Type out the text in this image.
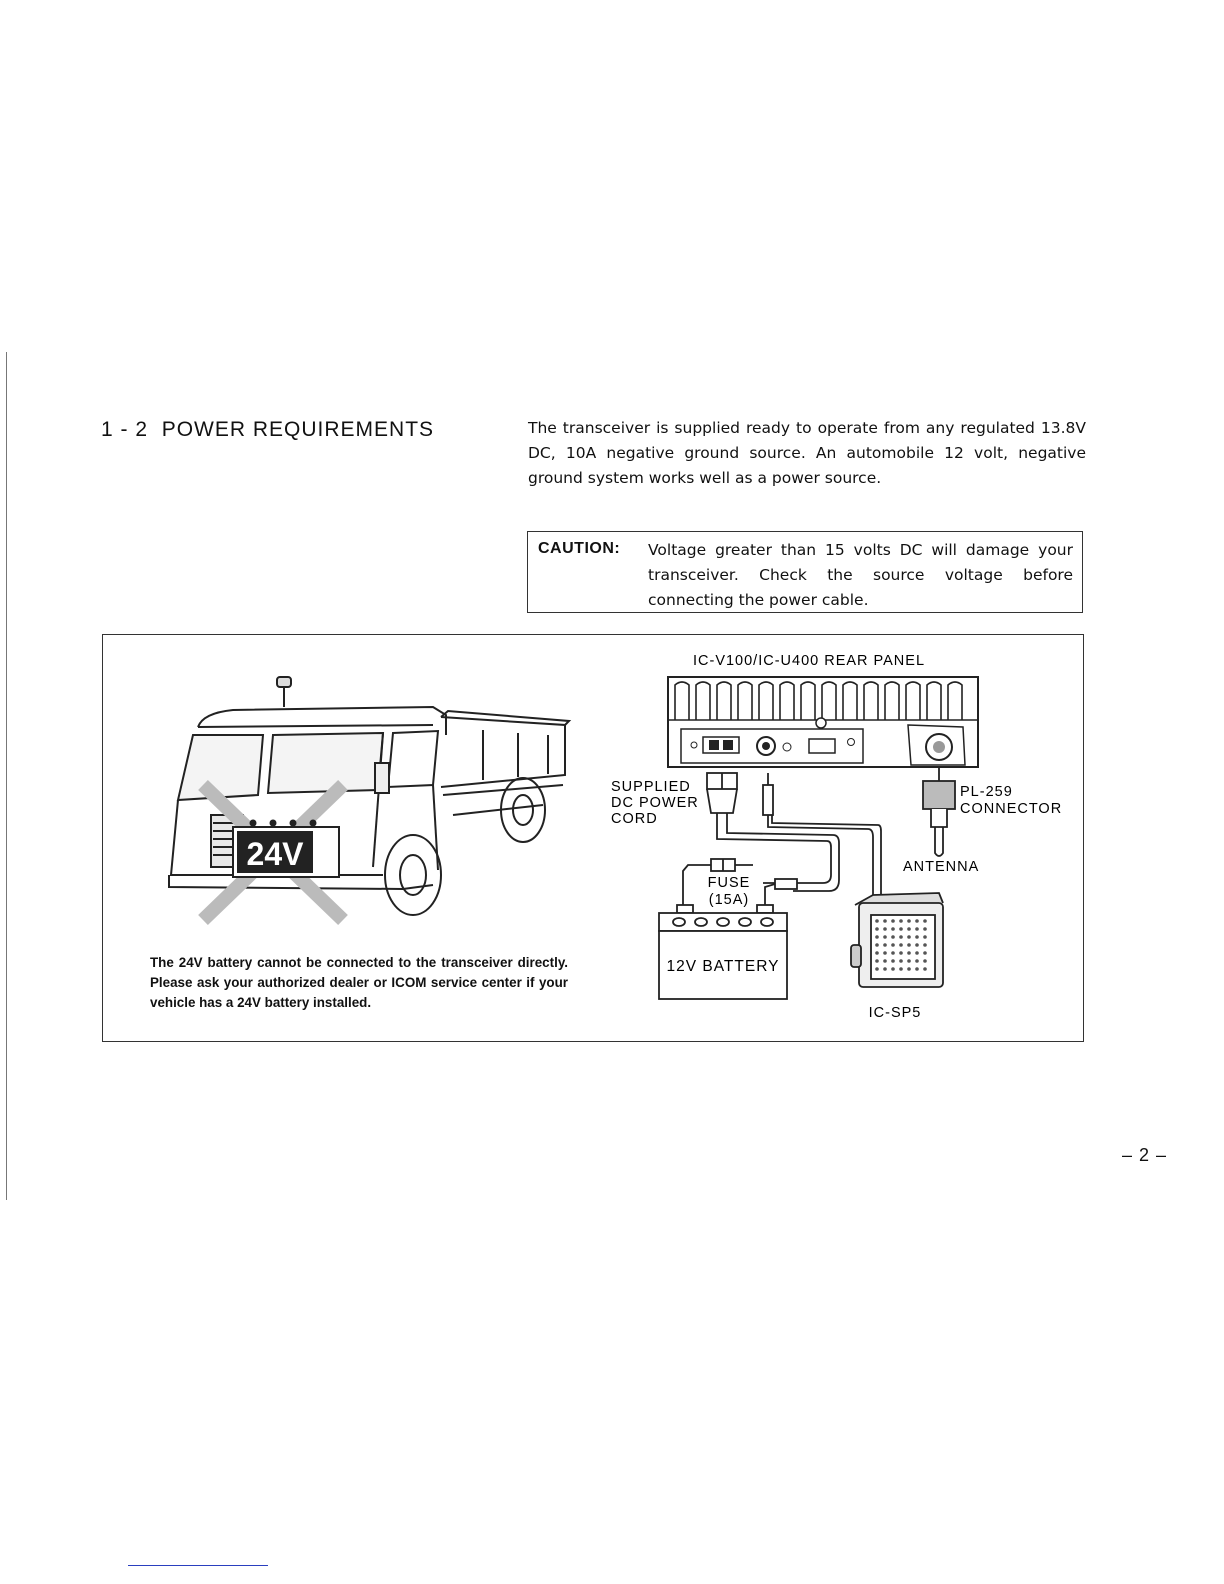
1 - 2 POWER REQUIREMENTS	The transceiver is supplied ready to operate from any regulated 13.8V DC, 10A negative ground source. An automobile 12 volt, negative ground system works well as a power source.

CAUTION: Voltage greater than 15 volts DC will damage your transceiver. Check the source voltage before connecting the power cable.

24V
IC-V100/IC-U400 REAR PANEL
FUSE
(15A)
SUPPLIED
DC POWER
CORD
PL-259
CONNECTOR
ANTENNA
12V BATTERY
IC-SP5

The 24V battery cannot be connected to the transceiver directly. Please ask your authorized dealer or ICOM service center if your vehicle has a 24V battery installed.

– 2 –
